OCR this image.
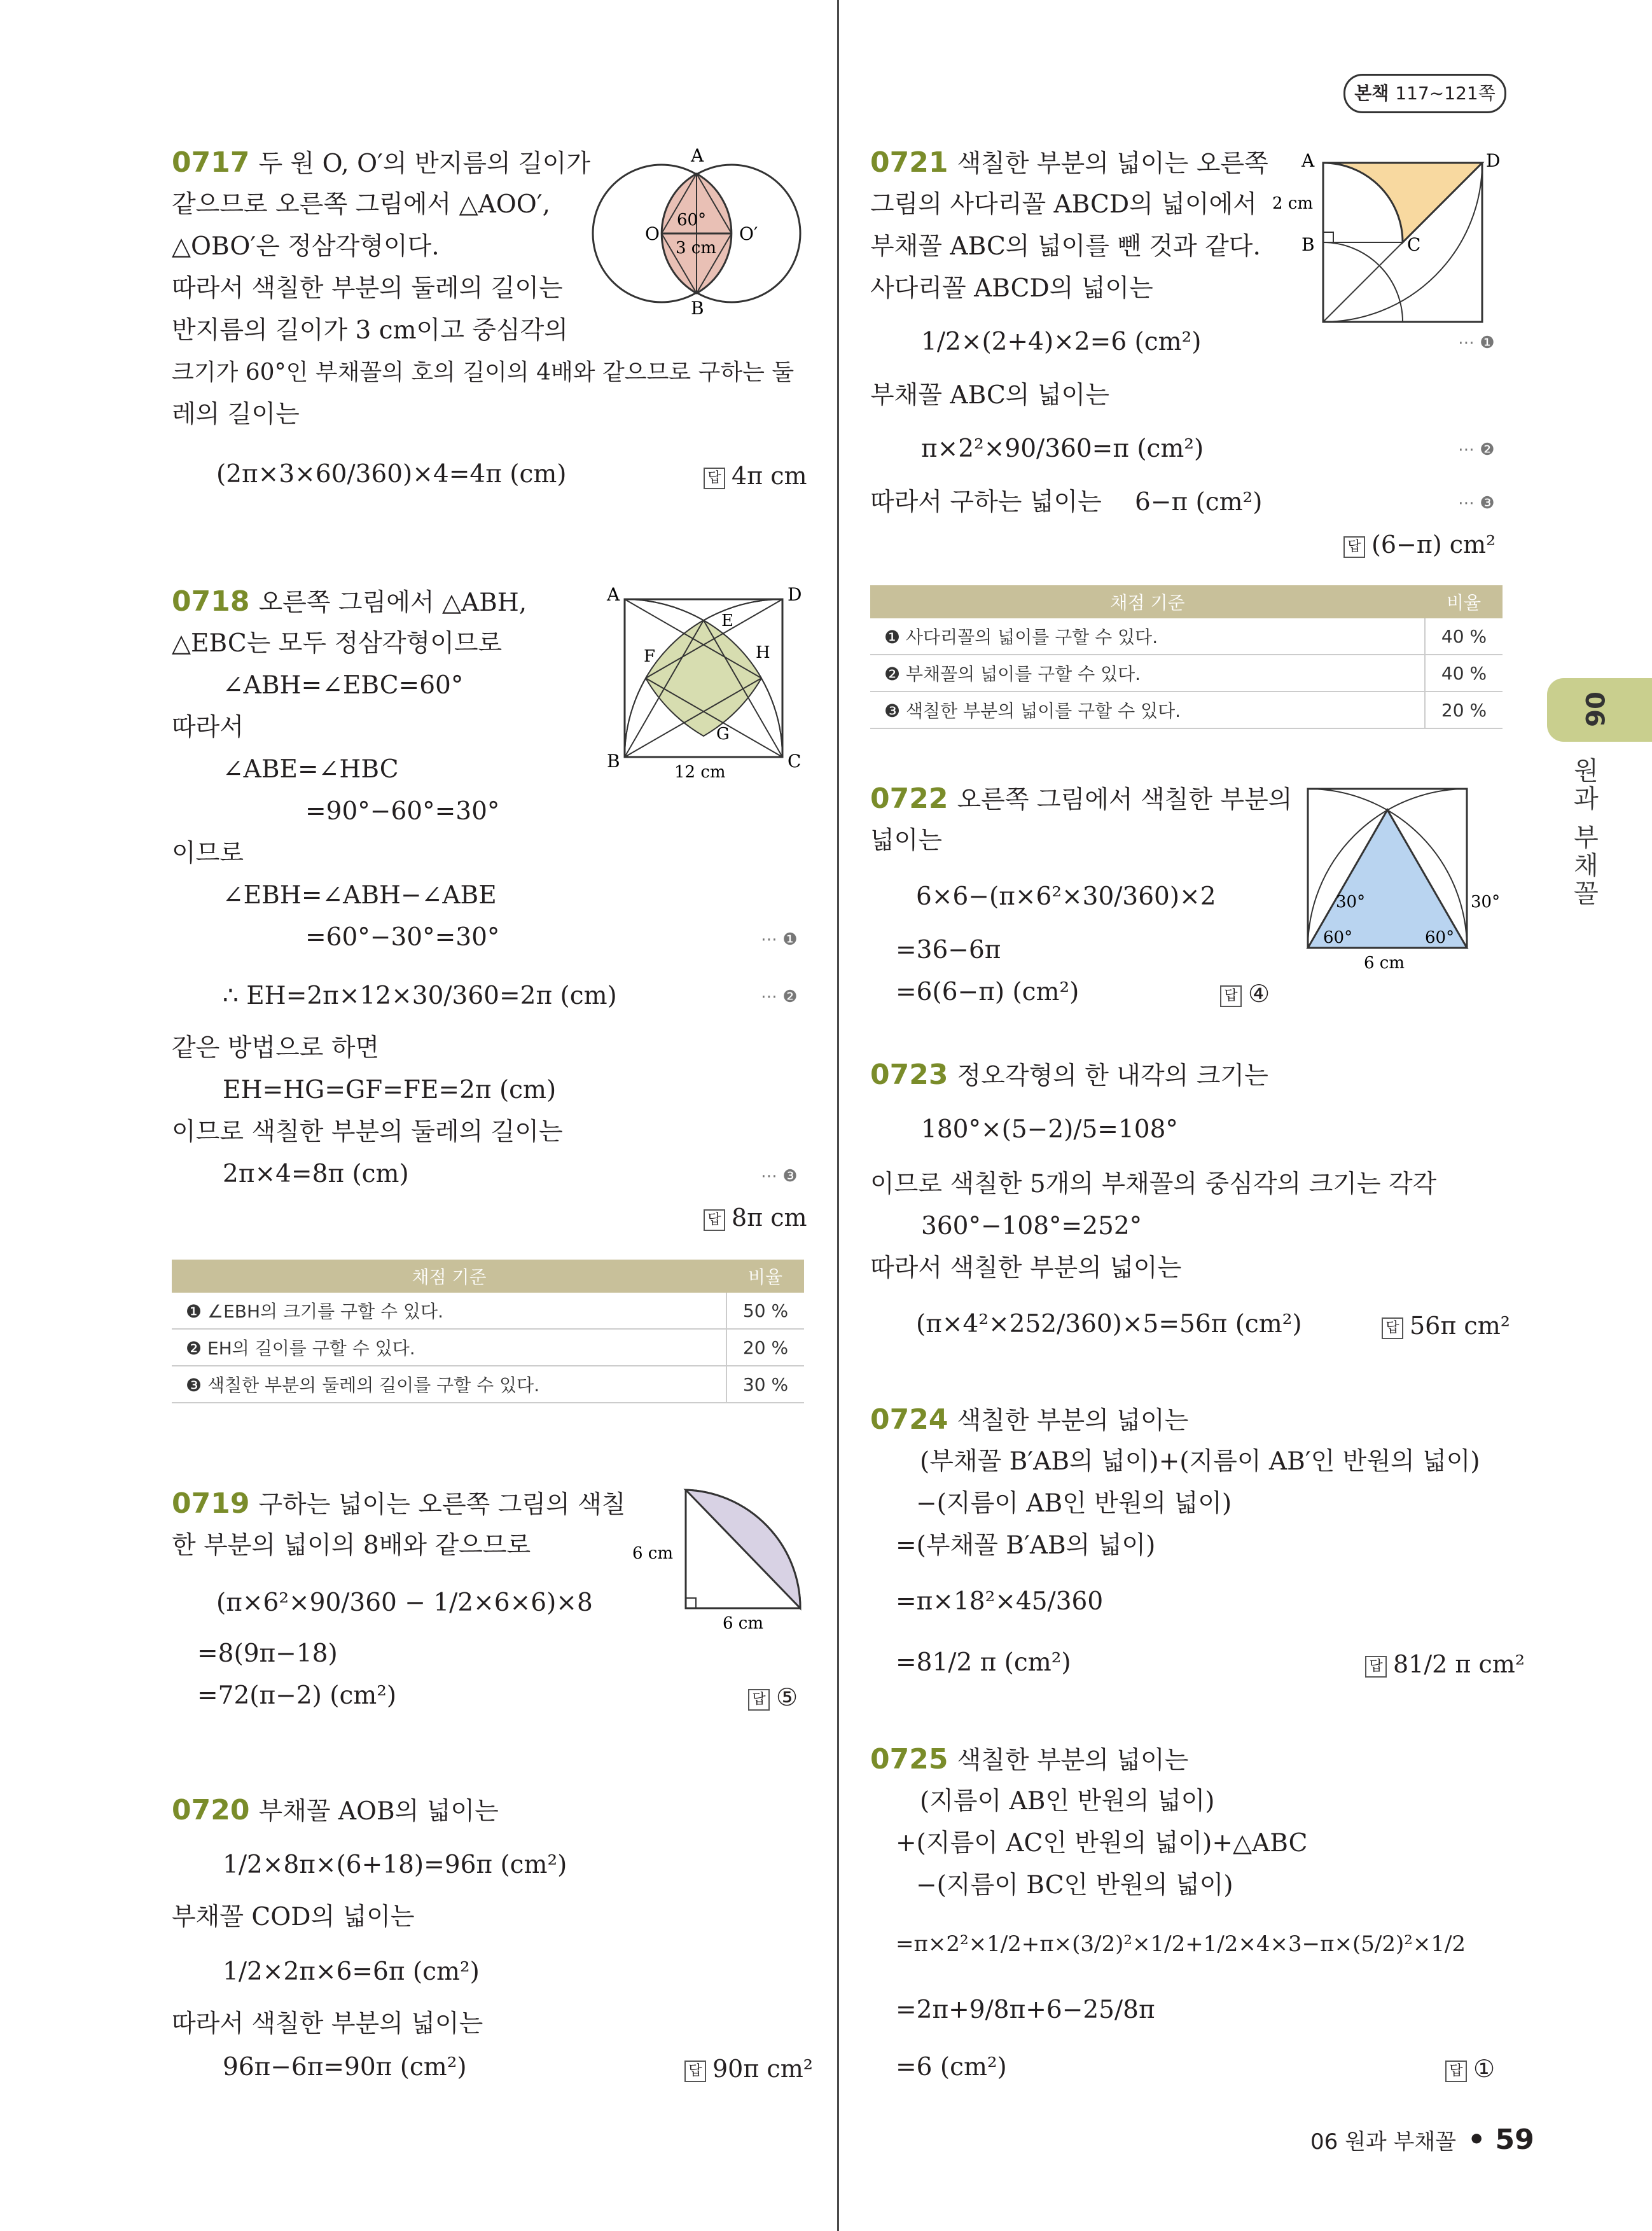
본책 117~121쪽
06
원과 부채꼴
0717 두 원 O, O′의 반지름의 길이가
같으므로 오른쪽 그림에서 △AOO′,
△OBO′은 정삼각형이다.
따라서 색칠한 부분의 둘레의 길이는
반지름의 길이가 3 cm이고 중심각의
크기가 60°인 부채꼴의 호의 길이의 4배와 같으므로 구하는 둘
레의 길이는
(2π×3×60/360)×4=4π (cm)	답 4π cm
A
B
O	O′
60°
3 cm
0718 오른쪽 그림에서 △ABH,
△EBC는 모두 정삼각형이므로
∠ABH=∠EBC=60°
따라서
∠ABE=∠HBC
=90°−60°=30°
이므로
∠EBH=∠ABH−∠ABE
=60°−30°=30°
∴ EH=2π×12×30/360=2π (cm)
같은 방법으로 하면
EH=HG=GF=FE=2π (cm)
이므로 색칠한 부분의 둘레의 길이는
2π×4=8π (cm)
⋯ ❶
⋯ ❷
⋯ ❸
답 8π cm
A
B	C
D
E
F
G
H
12 cm
채점 기준	비율
❶ ∠EBH의 크기를 구할 수 있다.	50 %
❷ EH의 길이를 구할 수 있다.	20 %
❸ 색칠한 부분의 둘레의 길이를 구할 수 있다.	30 %
0719 구하는 넓이는 오른쪽 그림의 색칠
한 부분의 넓이의 8배와 같으므로
(π×6²×90/360 − 1/2×6×6)×8
=8(9π−18)
=72(π−2) (cm²)	답 ⑤
6 cm
6 cm
0720 부채꼴 AOB의 넓이는
1/2×8π×(6+18)=96π (cm²)
부채꼴 COD의 넓이는
1/2×2π×6=6π (cm²)
따라서 색칠한 부분의 넓이는
96π−6π=90π (cm²)	답 90π cm²
0721 색칠한 부분의 넓이는 오른쪽
그림의 사다리꼴 ABCD의 넓이에서
부채꼴 ABC의 넓이를 뺀 것과 같다.
사다리꼴 ABCD의 넓이는
1/2×(2+4)×2=6 (cm²)
부채꼴 ABC의 넓이는
π×2²×90/360=π (cm²)
따라서 구하는 넓이는 6−π (cm²)
⋯ ❶
⋯ ❷
⋯ ❸
답 (6−π) cm²
A
B	C
D
2 cm
채점 기준	비율
❶ 사다리꼴의 넓이를 구할 수 있다.	40 %
❷ 부채꼴의 넓이를 구할 수 있다.	40 %
❸ 색칠한 부분의 넓이를 구할 수 있다.	20 %
0722 오른쪽 그림에서 색칠한 부분의
넓이는
6×6−(π×6²×30/360)×2
=36−6π
=6(6−π) (cm²)	답 ④
30°	30°
60°	60°
6 cm
0723 정오각형의 한 내각의 크기는
180°×(5−2)/5=108°
이므로 색칠한 5개의 부채꼴의 중심각의 크기는 각각
360°−108°=252°
따라서 색칠한 부분의 넓이는
(π×4²×252/360)×5=56π (cm²)	답 56π cm²
0724 색칠한 부분의 넓이는
(부채꼴 B′AB의 넓이)+(지름이 AB′인 반원의 넓이)
−(지름이 AB인 반원의 넓이)
=(부채꼴 B′AB의 넓이)
=π×18²×45/360
=81/2 π (cm²)	답 81/2 π cm²
0725 색칠한 부분의 넓이는
(지름이 AB인 반원의 넓이)
+(지름이 AC인 반원의 넓이)+△ABC
−(지름이 BC인 반원의 넓이)
=π×2²×1/2+π×(3/2)²×1/2+1/2×4×3−π×(5/2)²×1/2
=2π+9/8π+6−25/8π
=6 (cm²)	답 ①
06 원과 부채꼴 • 59
